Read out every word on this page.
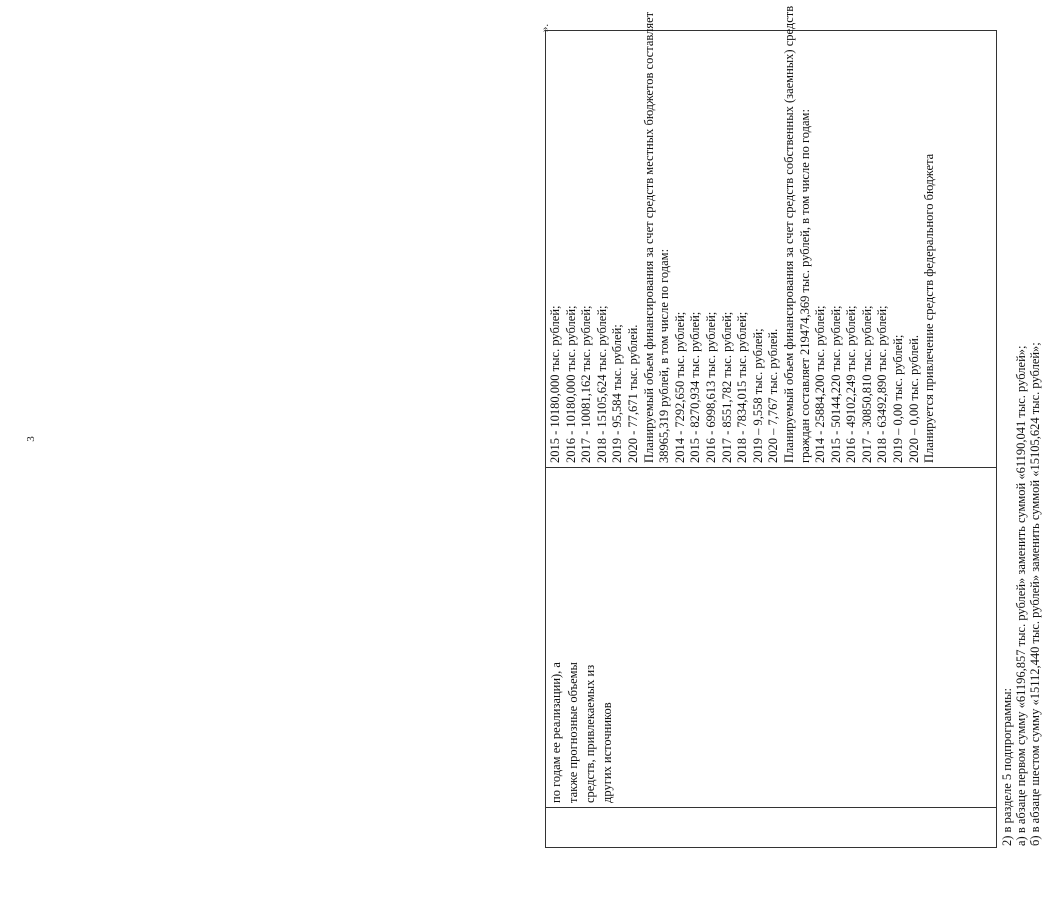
3
».
по годам ее реализации), а также прогнозные объемы средств, привлекаемых из других источников
2015 - 10180,000 тыс. рублей; 2016 - 10180,000 тыс. рублей; 2017 - 10081,162 тыс. рублей; 2018 - 15105,624 тыс. рублей; 2019 - 95,584 тыс. рублей; 2020 - 77,671 тыс. рублей. Планируемый объем финансирования за счет средств местных бюджетов составляет 38965,319 рублей, в том числе по годам: 2014 - 7292,650 тыс. рублей; 2015 - 8270,934 тыс. рублей; 2016 - 6998,613 тыс. рублей; 2017 - 8551,782 тыс. рублей; 2018 - 7834,015 тыс. рублей; 2019 – 9,558 тыс. рублей; 2020 – 7,767 тыс. рублей. Планируемый объем финансирования за счет средств собственных (заемных) средств граждан составляет 219474,369 тыс. рублей, в том числе по годам: 2014 - 25884,200 тыс. рублей; 2015 - 50144,220 тыс. рублей; 2016 - 49102,249 тыс. рублей; 2017 - 30850,810 тыс. рублей; 2018 - 63492,890 тыс. рублей; 2019 – 0,00 тыс. рублей; 2020 – 0,00 тыс. рублей. Планируется привлечение средств федерального бюджета
2) в разделе 5 подпрограммы: а) в абзаце первом сумму «61196,857 тыс. рублей» заменить суммой «61190,041 тыс. рублей»; б) в абзаце шестом сумму «15112,440 тыс. рублей» заменить суммой «15105,624 тыс. рублей»;
